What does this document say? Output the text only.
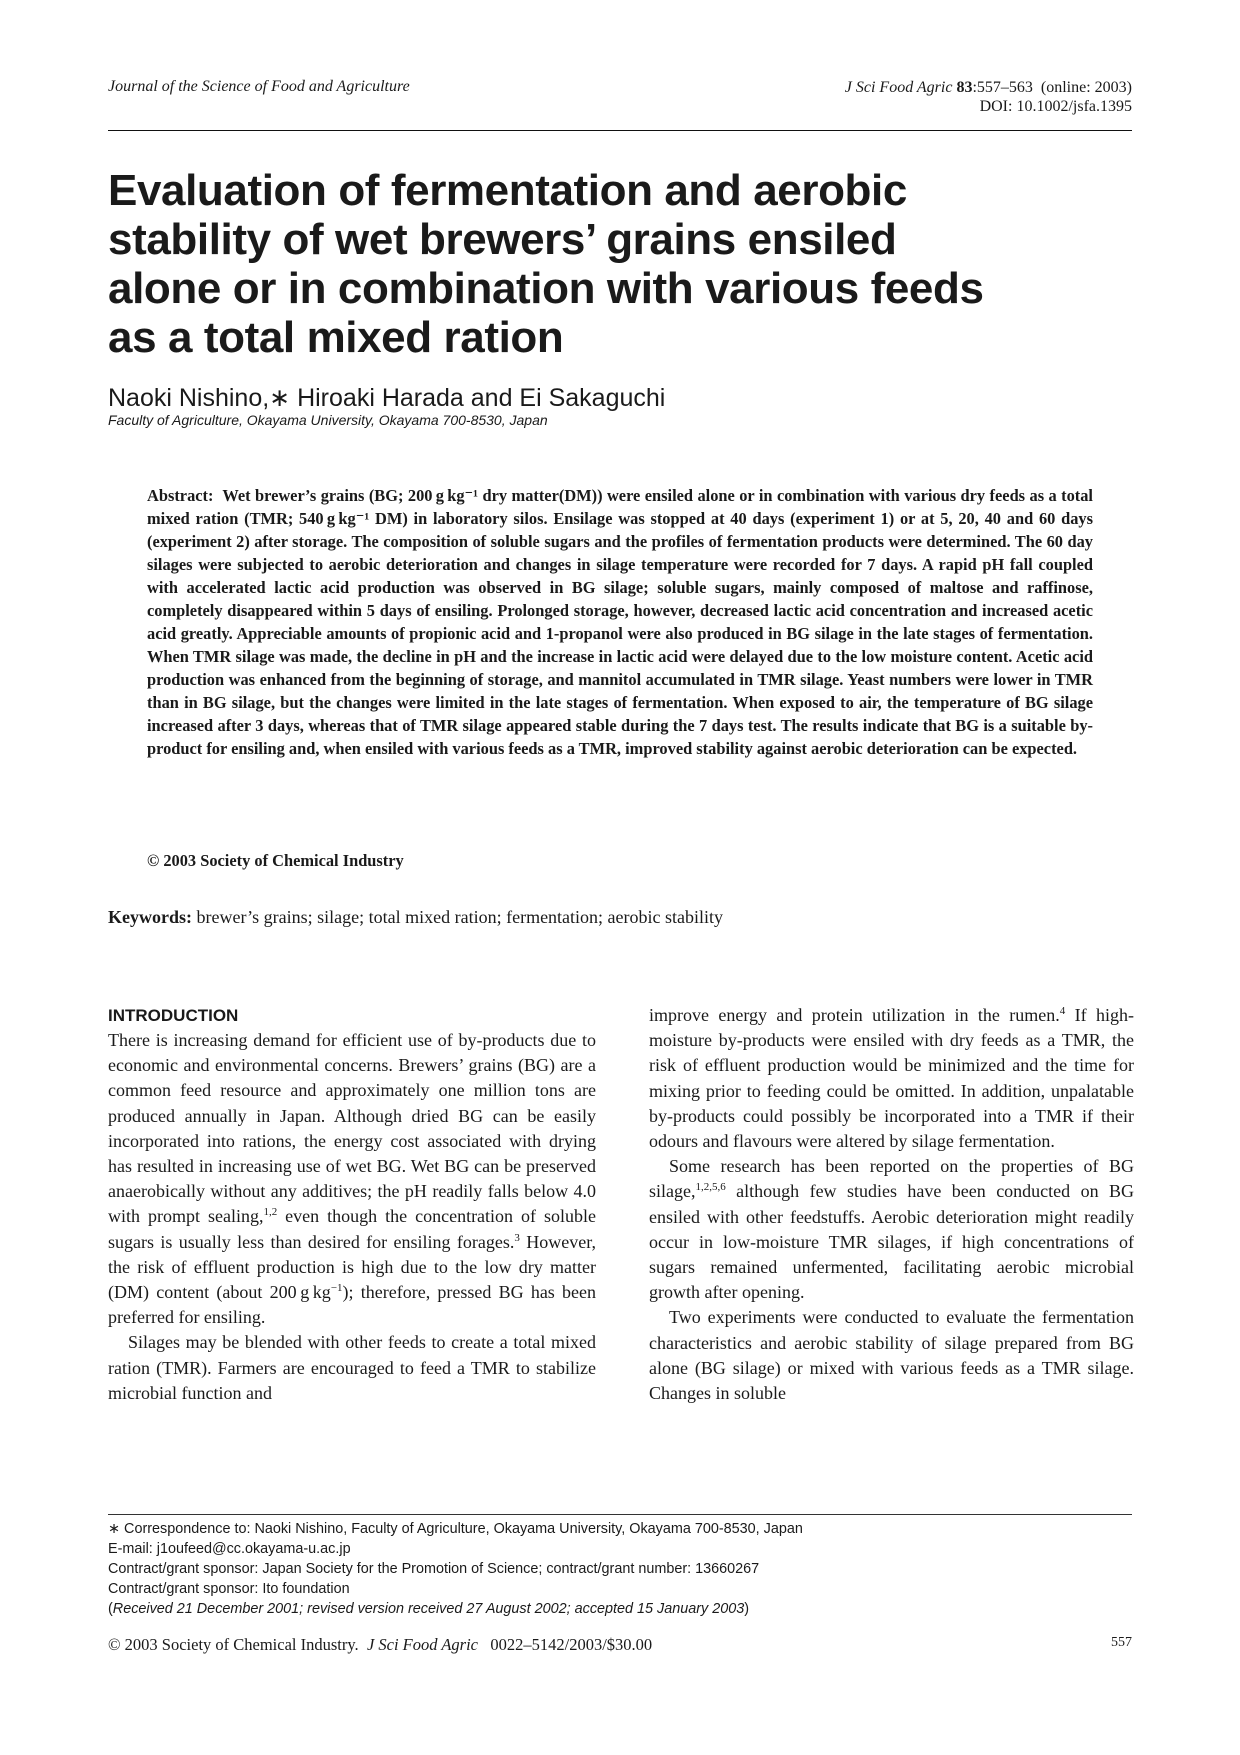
Journal of the Science of Food and Agriculture	J Sci Food Agric 83:557–563 (online: 2003)
DOI: 10.1002/jsfa.1395
Evaluation of fermentation and aerobic stability of wet brewers’ grains ensiled alone or in combination with various feeds as a total mixed ration
Naoki Nishino,∗ Hiroaki Harada and Ei Sakaguchi
Faculty of Agriculture, Okayama University, Okayama 700-8530, Japan
Abstract: Wet brewer’s grains (BG; 200 g kg⁻¹ dry matter(DM)) were ensiled alone or in combination with various dry feeds as a total mixed ration (TMR; 540 g kg⁻¹ DM) in laboratory silos. Ensilage was stopped at 40 days (experiment 1) or at 5, 20, 40 and 60 days (experiment 2) after storage. The composition of soluble sugars and the profiles of fermentation products were determined. The 60 day silages were subjected to aerobic deterioration and changes in silage temperature were recorded for 7 days. A rapid pH fall coupled with accelerated lactic acid production was observed in BG silage; soluble sugars, mainly composed of maltose and raffinose, completely disappeared within 5 days of ensiling. Prolonged storage, however, decreased lactic acid concentration and increased acetic acid greatly. Appreciable amounts of propionic acid and 1-propanol were also produced in BG silage in the late stages of fermentation. When TMR silage was made, the decline in pH and the increase in lactic acid were delayed due to the low moisture content. Acetic acid production was enhanced from the beginning of storage, and mannitol accumulated in TMR silage. Yeast numbers were lower in TMR than in BG silage, but the changes were limited in the late stages of fermentation. When exposed to air, the temperature of BG silage increased after 3 days, whereas that of TMR silage appeared stable during the 7 days test. The results indicate that BG is a suitable by-product for ensiling and, when ensiled with various feeds as a TMR, improved stability against aerobic deterioration can be expected.
© 2003 Society of Chemical Industry
Keywords: brewer’s grains; silage; total mixed ration; fermentation; aerobic stability
INTRODUCTION

There is increasing demand for efficient use of by-products due to economic and environmental concerns. Brewers’ grains (BG) are a common feed resource and approximately one million tons are produced annually in Japan. Although dried BG can be easily incorporated into rations, the energy cost associated with drying has resulted in increasing use of wet BG. Wet BG can be preserved anaerobically without any additives; the pH readily falls below 4.0 with prompt sealing,$^{1,2}$ even though the concentration of soluble sugars is usually less than desired for ensiling forages.$^3$ However, the risk of effluent production is high due to the low dry matter (DM) content (about 200 g $kg^{-1}$); therefore, pressed BG has been preferred for ensiling.

Silages may be blended with other feeds to create a total mixed ration (TMR). Farmers are encouraged to feed a TMR to stabilize microbial function and

improve energy and protein utilization in the rumen.$^4$ If high-moisture by-products were ensiled with dry feeds as a TMR, the risk of effluent production would be minimized and the time for mixing prior to feeding could be omitted. In addition, unpalatable by-products could possibly be incorporated into a TMR if their odours and flavours were altered by silage fermentation.

Some research has been reported on the properties of BG silage,$^{1,2,5,6}$ although few studies have been conducted on BG ensiled with other feedstuffs. Aerobic deterioration might readily occur in low-moisture TMR silages, if high concentrations of sugars remained unfermented, facilitating aerobic microbial growth after opening.

Two experiments were conducted to evaluate the fermentation characteristics and aerobic stability of silage prepared from BG alone (BG silage) or mixed with various feeds as a TMR silage. Changes in soluble

∗ Correspondence to: Naoki Nishino, Faculty of Agriculture, Okayama University, Okayama 700-8530, Japan
E-mail: j1oufeed@cc.okayama-u.ac.jp
Contract/grant sponsor: Japan Society for the Promotion of Science; contract/grant number: 13660267
Contract/grant sponsor: Ito foundation
(Received 21 December 2001; revised version received 27 August 2002; accepted 15 January 2003)
© 2003 Society of Chemical Industry. J Sci Food Agric 0022–5142/2003/$30.00	557
